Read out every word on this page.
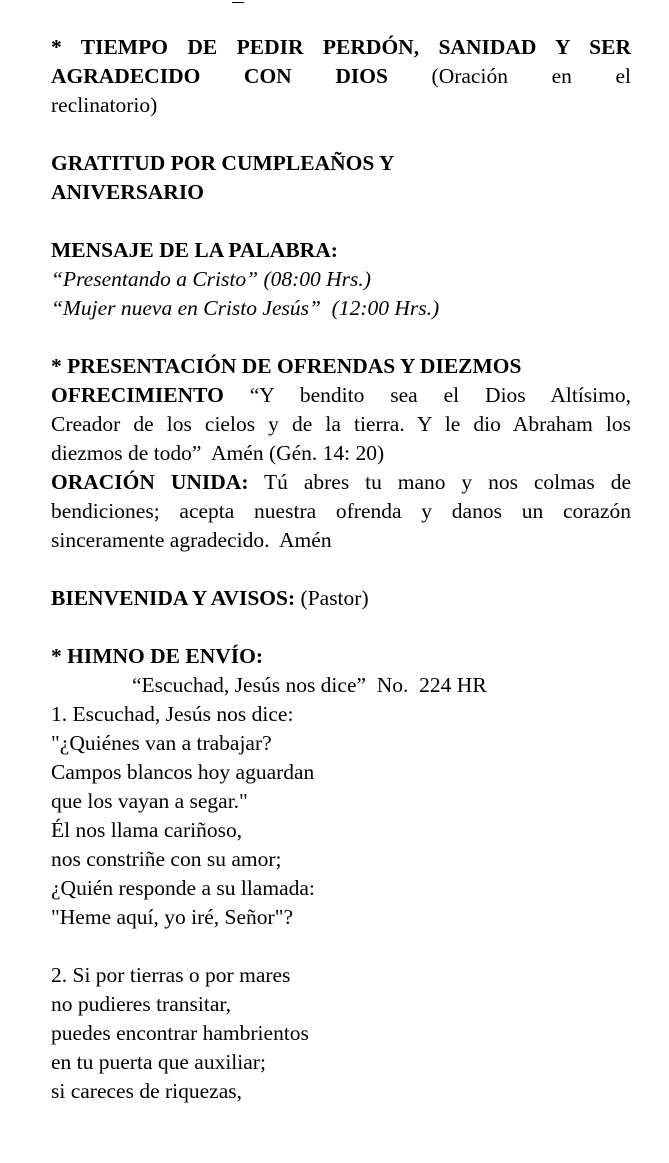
* TIEMPO DE PEDIR PERDÓN, SANIDAD Y SER

AGRADECIDO CON DIOS (Oración en el

reclinatorio)

GRATITUD POR CUMPLEAÑOS Y

ANIVERSARIO

MENSAJE DE LA PALABRA:

“Presentando a Cristo” (08:00 Hrs.)

“Mujer nueva en Cristo Jesús”  (12:00 Hrs.)

* PRESENTACIÓN DE OFRENDAS Y DIEZMOS

OFRECIMIENTO “Y bendito sea el Dios Altísimo,

Creador de los cielos y de la tierra. Y le dio Abraham los

diezmos de todo”  Amén (Gén. 14: 20)

ORACIÓN UNIDA: Tú abres tu mano y nos colmas de

bendiciones; acepta nuestra ofrenda y danos un corazón

sinceramente agradecido.  Amén

BIENVENIDA Y AVISOS: (Pastor)

* HIMNO DE ENVÍO:

“Escuchad, Jesús nos dice”  No.  224 HR

1. Escuchad, Jesús nos dice:
"¿Quiénes van a trabajar?
Campos blancos hoy aguardan
que los vayan a segar."
Él nos llama cariñoso,
nos constriñe con su amor;
¿Quién responde a su llamada:
"Heme aquí, yo iré, Señor"?
2. Si por tierras o por mares
no pudieres transitar,
puedes encontrar hambrientos
en tu puerta que auxiliar;
si careces de riquezas,
